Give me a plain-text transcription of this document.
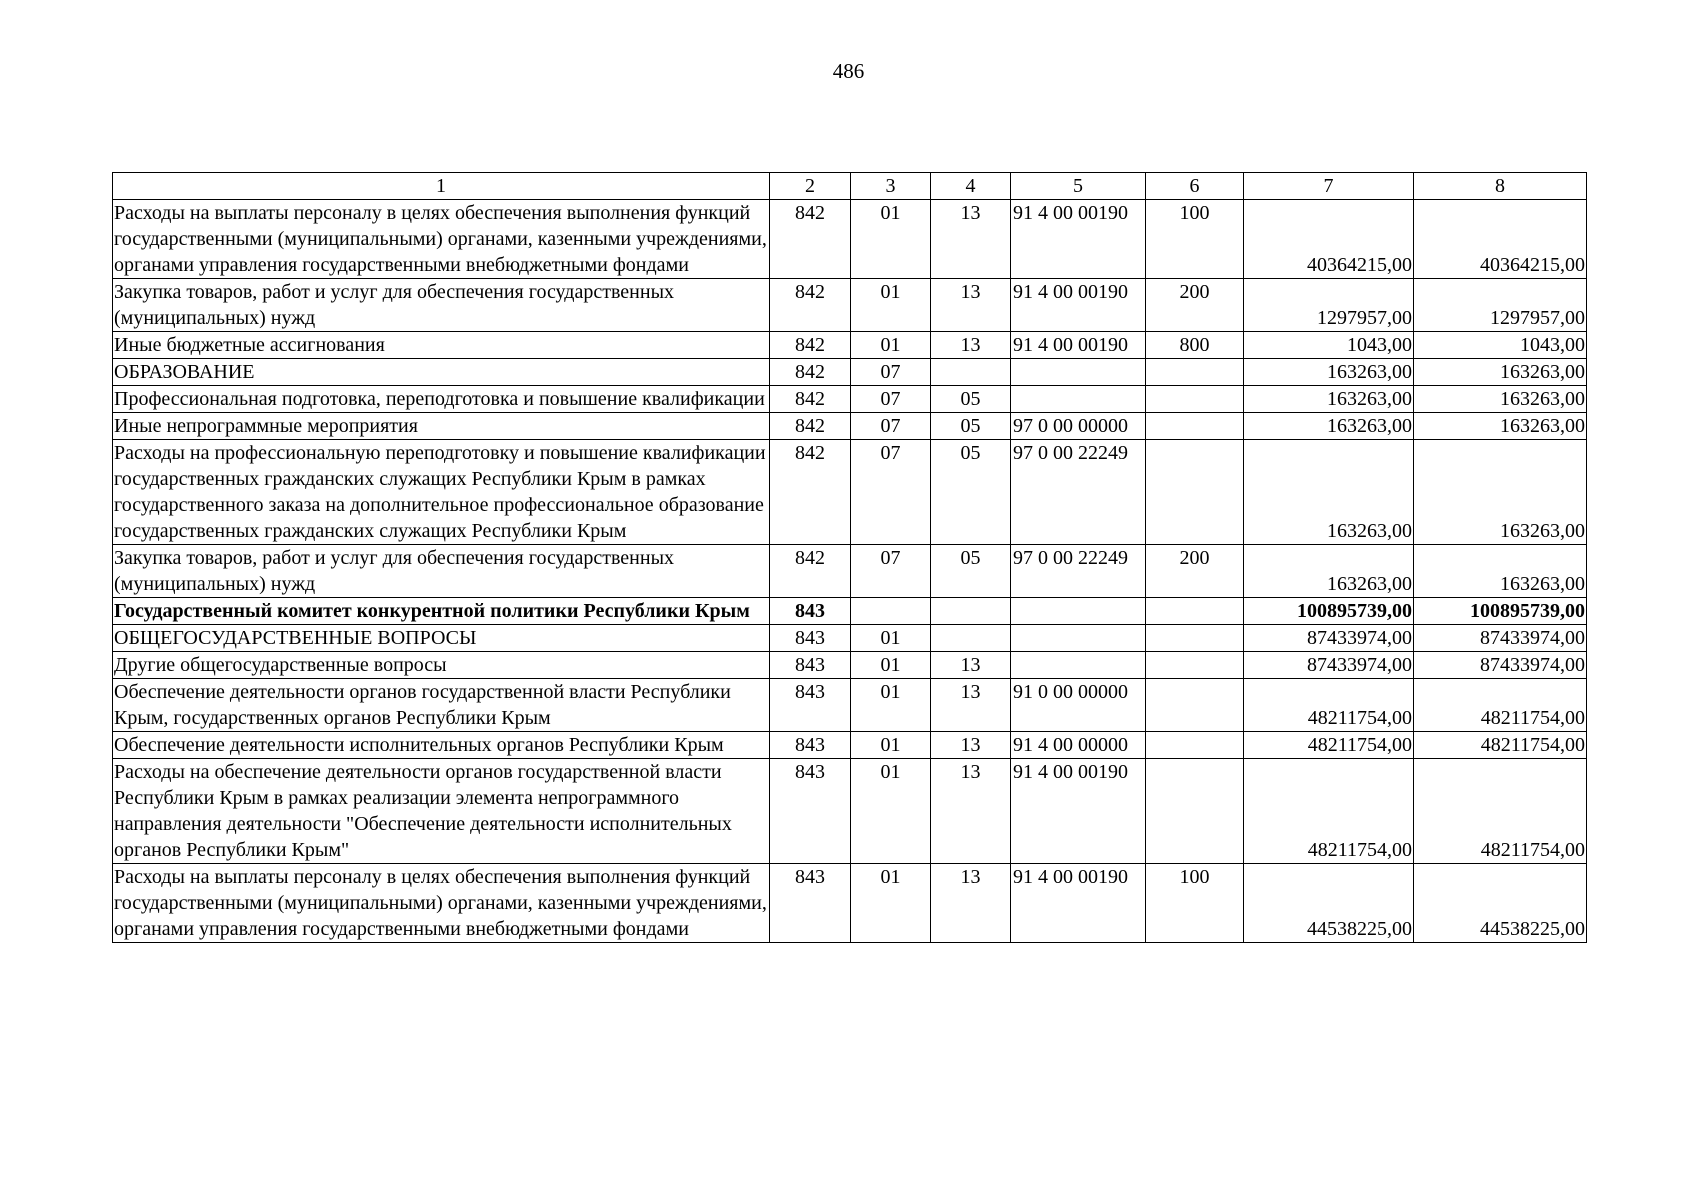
486
1	2	3	4	5	6	7	8
Расходы на выплаты персоналу в целях обеспечения выполнения функций государственными (муниципальными) органами, казенными учреждениями, органами управления государственными внебюджетными фондами	842	01	13	91 4 00 00190	100	40364215,00	40364215,00
Закупка товаров, работ и услуг для обеспечения государственных (муниципальных) нужд	842	01	13	91 4 00 00190	200	1297957,00	1297957,00
Иные бюджетные ассигнования	842	01	13	91 4 00 00190	800	1043,00	1043,00
ОБРАЗОВАНИЕ	842	07				163263,00	163263,00
Профессиональная подготовка, переподготовка и повышение квалификации	842	07	05			163263,00	163263,00
Иные непрограммные мероприятия	842	07	05	97 0 00 00000		163263,00	163263,00
Расходы на профессиональную переподготовку и повышение квалификации государственных гражданских служащих Республики Крым в рамках государственного заказа на дополнительное профессиональное образование государственных гражданских служащих Республики Крым	842	07	05	97 0 00 22249		163263,00	163263,00
Закупка товаров, работ и услуг для обеспечения государственных (муниципальных) нужд	842	07	05	97 0 00 22249	200	163263,00	163263,00
Государственный комитет конкурентной политики Республики Крым	843					100895739,00	100895739,00
ОБЩЕГОСУДАРСТВЕННЫЕ ВОПРОСЫ	843	01				87433974,00	87433974,00
Другие общегосударственные вопросы	843	01	13			87433974,00	87433974,00
Обеспечение деятельности органов государственной власти Республики Крым, государственных органов Республики Крым	843	01	13	91 0 00 00000		48211754,00	48211754,00
Обеспечение деятельности исполнительных органов Республики Крым	843	01	13	91 4 00 00000		48211754,00	48211754,00
Расходы на обеспечение деятельности органов государственной власти Республики Крым в рамках реализации элемента непрограммного направления деятельности "Обеспечение деятельности исполнительных органов Республики Крым"	843	01	13	91 4 00 00190		48211754,00	48211754,00
Расходы на выплаты персоналу в целях обеспечения выполнения функций государственными (муниципальными) органами, казенными учреждениями, органами управления государственными внебюджетными фондами	843	01	13	91 4 00 00190	100	44538225,00	44538225,00
